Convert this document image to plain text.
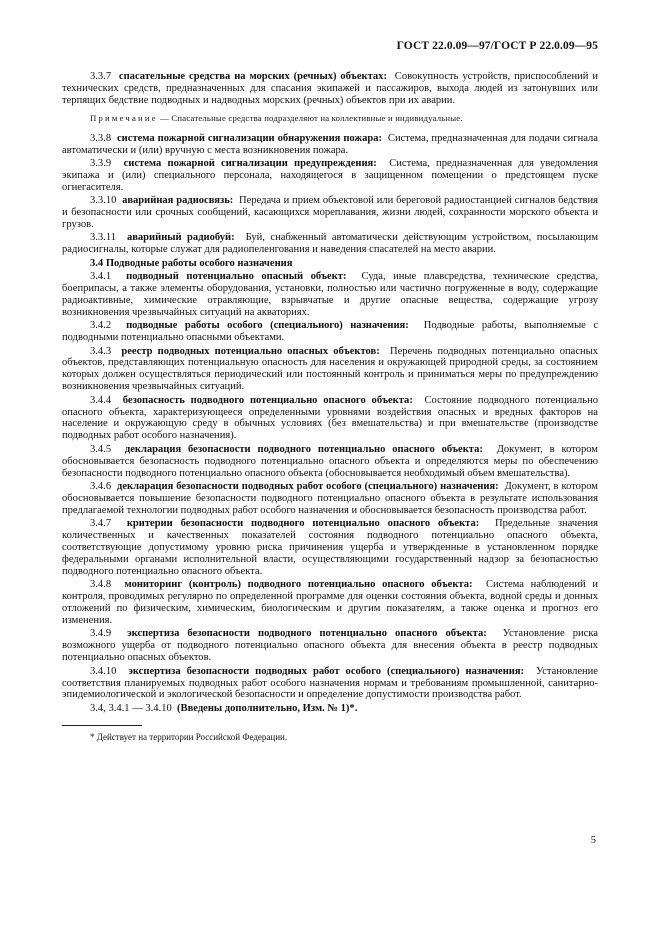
ГОСТ 22.0.09—97/ГОСТ Р 22.0.09—95

3.3.7 спасательные средства на морских (речных) объектах: Совокупность устройств, приспособлений и технических средств, предназначенных для спасания экипажей и пассажиров, выхода людей из затонувших или терпящих бедствие подводных и надводных морских (речных) объектов при их аварии.

Примечание — Спасательные средства подразделяют на коллективные и индивидуальные.

3.3.8 система пожарной сигнализации обнаружения пожара: Система, предназначенная для подачи сигнала автоматически и (или) вручную с места возникновения пожара.

3.3.9 система пожарной сигнализации предупреждения: Система, предназначенная для уведомления экипажа и (или) специального персонала, находящегося в защищенном помещении о предстоящем пуске огнегасителя.

3.3.10 аварийная радиосвязь: Передача и прием объектовой или береговой радиостанцией сигналов бедствия и безопасности или срочных сообщений, касающихся мореплавания, жизни людей, сохранности морского объекта и грузов.

3.3.11 аварийный радиобуй: Буй, снабженный автоматически действующим устройством, посылающим радиосигналы, которые служат для радиопеленгования и наведения спасателей на место аварии.

3.4 Подводные работы особого назначения

3.4.1 подводный потенциально опасный объект: Суда, иные плавсредства, технические средства, боеприпасы, а также элементы оборудования, установки, полностью или частично погруженные в воду, содержащие радиоактивные, химические отравляющие, взрывчатые и другие опасные вещества, содержащие угрозу возникновения чрезвычайных ситуаций на акваториях.

3.4.2 подводные работы особого (специального) назначения: Подводные работы, выполняемые с подводными потенциально опасными объектами.

3.4.3 реестр подводных потенциально опасных объектов: Перечень подводных потенциально опасных объектов, представляющих потенциальную опасность для населения и окружающей природной среды, за состоянием которых должен осуществляться периодический или постоянный контроль и приниматься меры по предупреждению возникновения чрезвычайных ситуаций.

3.4.4 безопасность подводного потенциально опасного объекта: Состояние подводного потенциально опасного объекта, характеризующееся определенными уровнями воздействия опасных и вредных факторов на население и окружающую среду в обычных условиях (без вмешательства) и при вмешательстве (производстве подводных работ особого назначения).

3.4.5 декларация безопасности подводного потенциально опасного объекта: Документ, в котором обосновывается безопасность подводного потенциально опасного объекта и определяются меры по обеспечению безопасности подводного потенциально опасного объекта (обосновывается необходимый объем вмешательства).

3.4.6 декларация безопасности подводных работ особого (специального) назначения: Документ, в котором обосновывается повышение безопасности подводного потенциально опасного объекта в результате использования предлагаемой технологии подводных работ особого назначения и обосновывается безопасность производства работ.

3.4.7 критерии безопасности подводного потенциально опасного объекта: Предельные значения количественных и качественных показателей состояния подводного потенциально опасного объекта, соответствующие допустимому уровню риска причинения ущерба и утвержденные в установленном порядке федеральными органами исполнительной власти, осуществляющими государственный надзор за безопасностью подводного потенциально опасного объекта.

3.4.8 мониторинг (контроль) подводного потенциально опасного объекта: Система наблюдений и контроля, проводимых регулярно по определенной программе для оценки состояния объекта, водной среды и донных отложений по физическим, химическим, биологическим и другим показателям, а также оценка и прогноз его изменения.

3.4.9 экспертиза безопасности подводного потенциально опасного объекта: Установление риска возможного ущерба от подводного потенциально опасного объекта для внесения объекта в реестр подводных потенциально опасных объектов.

3.4.10 экспертиза безопасности подводных работ особого (специального) назначения: Установление соответствия планируемых подводных работ особого назначения нормам и требованиям промышленной, санитарно-эпидемиологической и экологической безопасности и определение допустимости производства работ.

3.4, 3.4.1 — 3.4.10 (Введены дополнительно, Изм. № 1)*.

* Действует на территории Российской Федерации.

5
